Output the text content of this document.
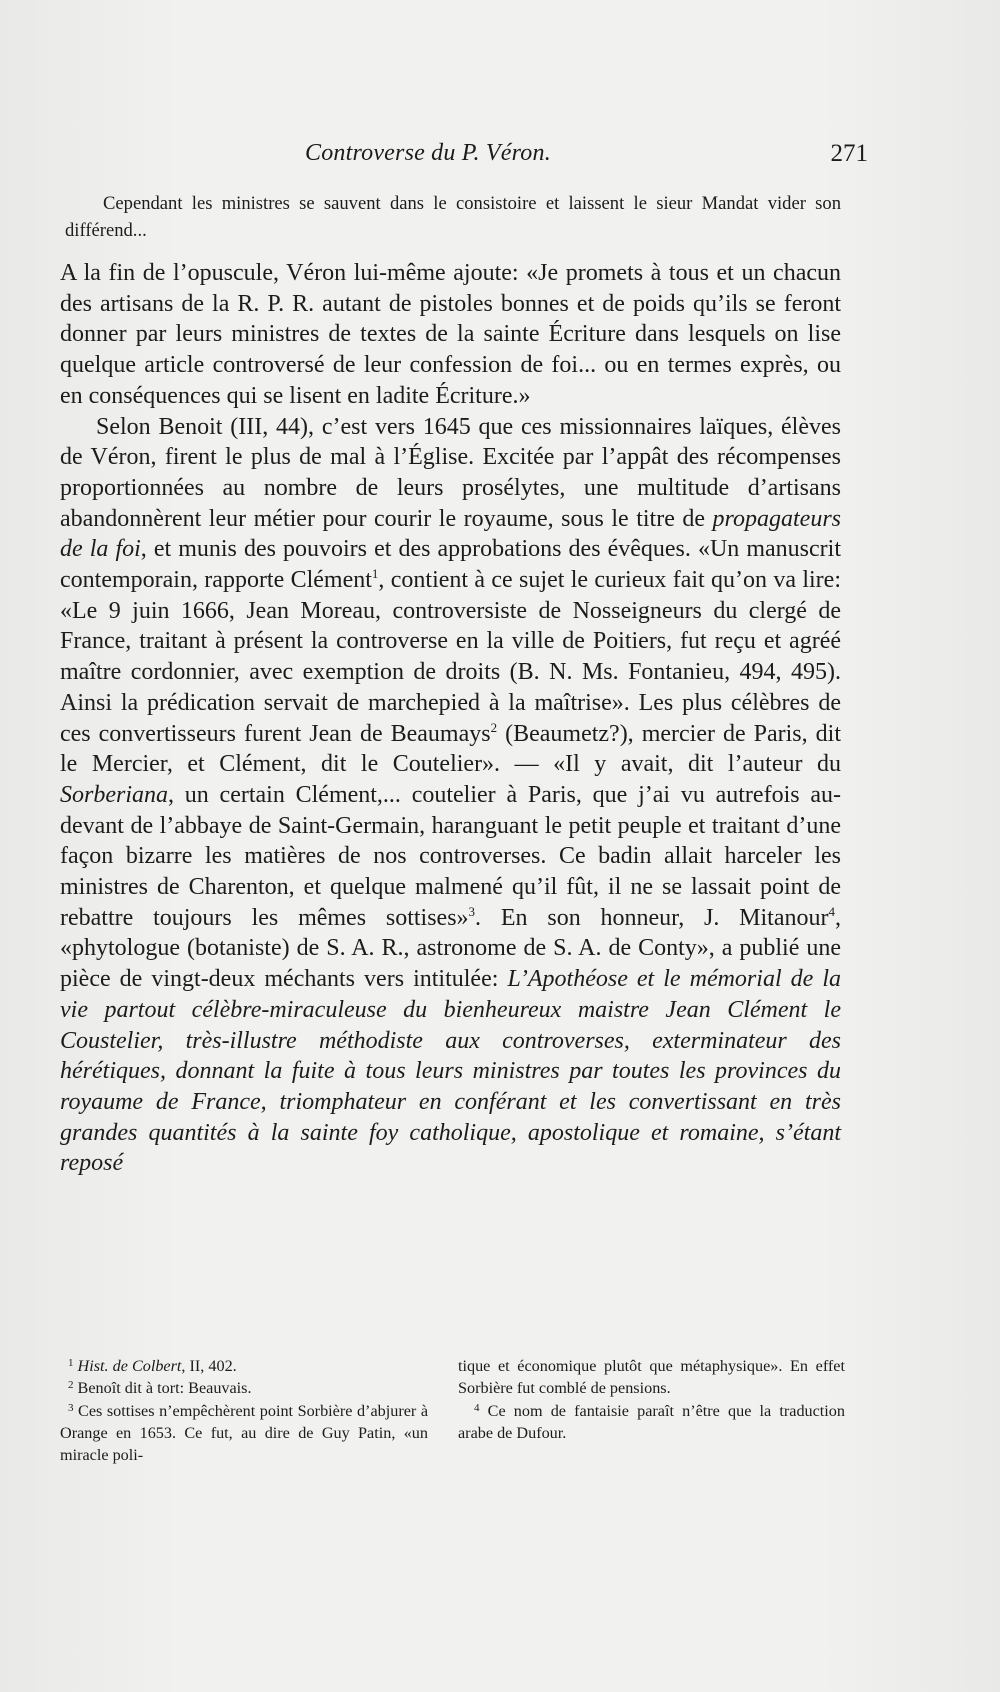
Controverse du P. Véron.	271
Cependant les ministres se sauvent dans le consistoire et laissent le sieur Mandat vider son différend...

A la fin de l’opuscule, Véron lui-même ajoute: «Je promets à tous et un chacun des artisans de la R. P. R. autant de pistoles bonnes et de poids qu’ils se feront donner par leurs ministres de textes de la sainte Écriture dans lesquels on lise quelque article controversé de leur confession de foi... ou en termes exprès, ou en conséquences qui se lisent en ladite Écriture.»

Selon Benoit (III, 44), c’est vers 1645 que ces missionnaires laïques, élèves de Véron, firent le plus de mal à l’Église. Excitée par l’appât des récompenses proportionnées au nombre de leurs prosélytes, une multitude d’artisans abandonnèrent leur métier pour courir le royaume, sous le titre de propagateurs de la foi, et munis des pouvoirs et des approbations des évêques. «Un manuscrit contemporain, rapporte Clément$^1$, contient à ce sujet le curieux fait qu’on va lire: «Le 9 juin 1666, Jean Moreau, controversiste de Nosseigneurs du clergé de France, traitant à présent la controverse en la ville de Poitiers, fut reçu et agréé maître cordonnier, avec exemption de droits (B. N. Ms. Fontanieu, 494, 495). Ainsi la prédication servait de marchepied à la maîtrise». Les plus célèbres de ces convertisseurs furent Jean de Beaumays$^2$ (Beaumetz?), mercier de Paris, dit le Mercier, et Clément, dit le Coutelier». — «Il y avait, dit l’auteur du Sorberiana, un certain Clément,... coutelier à Paris, que j’ai vu autrefois au-devant de l’abbaye de Saint-Germain, haranguant le petit peuple et traitant d’une façon bizarre les matières de nos controverses. Ce badin allait harceler les ministres de Charenton, et quelque malmené qu’il fût, il ne se lassait point de rebattre toujours les mêmes sottises»$^3$. En son honneur, J. Mitanour$^4$, «phytologue (botaniste) de S. A. R., astronome de S. A. de Conty», a publié une pièce de vingt-deux méchants vers intitulée: L’Apothéose et le mémorial de la vie partout célèbre-miraculeuse du bienheureux maistre Jean Clément le Coustelier, très-illustre méthodiste aux controverses, exterminateur des hérétiques, donnant la fuite à tous leurs ministres par toutes les provinces du royaume de France, triomphateur en conférant et les convertissant en très grandes quantités à la sainte foy catholique, apostolique et romaine, s’étant reposé

$^1$ Hist. de Colbert, II, 402.

$^2$ Benoît dit à tort: Beauvais.

$^3$ Ces sottises n’empêchèrent point Sorbière d’abjurer à Orange en 1653. Ce fut, au dire de Guy Patin, «un miracle poli-

tique et économique plutôt que métaphysique». En effet Sorbière fut comblé de pensions.

$^4$ Ce nom de fantaisie paraît n’être que la traduction arabe de Dufour.
